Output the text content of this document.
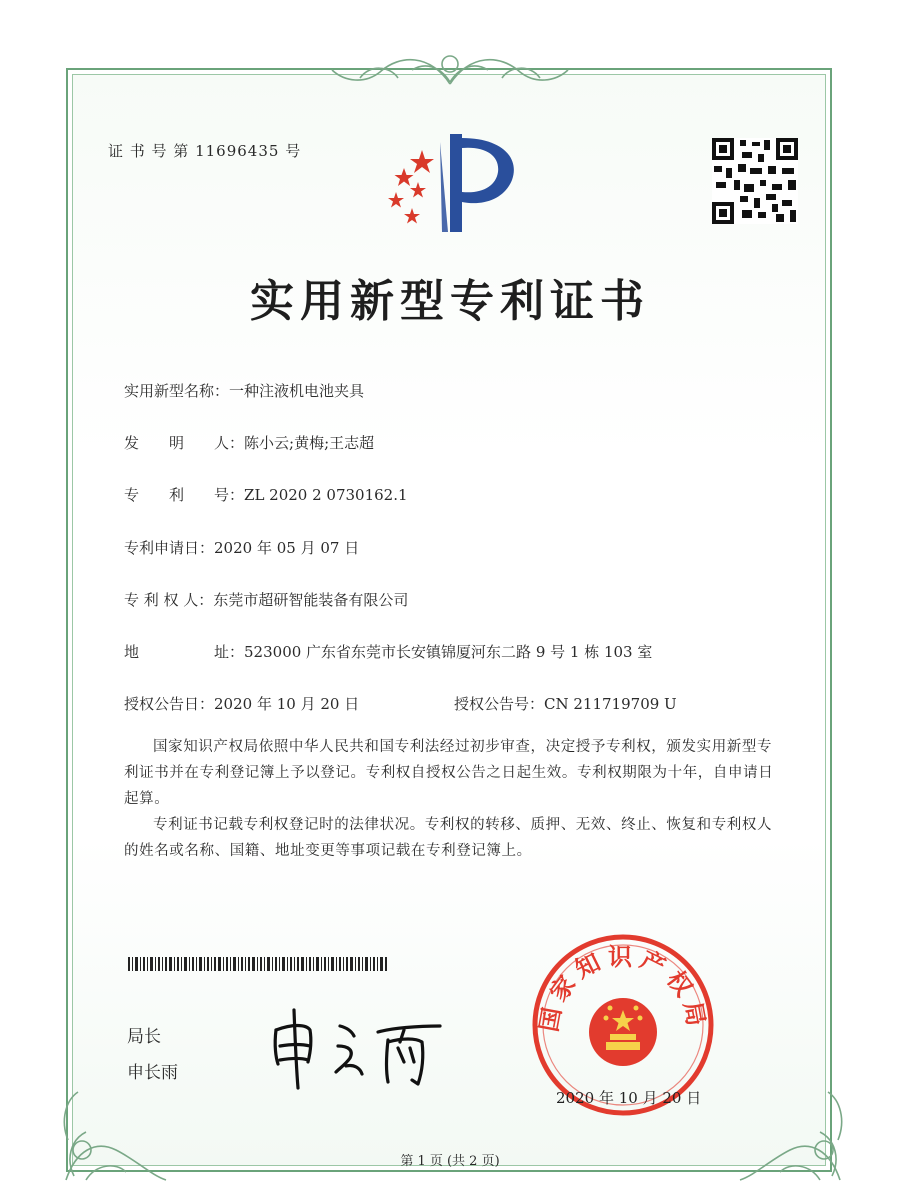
证 书 号 第 11696435 号
实用新型专利证书
实用新型名称：一种注液机电池夹具
发　　明　　人：陈小云;黄梅;王志超
专　　利　　号：ZL 2020 2 0730162.1
专利申请日：2020 年 05 月 07 日
专 利 权 人：东莞市超研智能装备有限公司
地　　　　　址：523000 广东省东莞市长安镇锦厦河东二路 9 号 1 栋 103 室
授权公告日：2020 年 10 月 20 日	授权公告号：CN 211719709 U
国家知识产权局依照中华人民共和国专利法经过初步审查，决定授予专利权，颁发实用新型专利证书并在专利登记簿上予以登记。专利权自授权公告之日起生效。专利权期限为十年，自申请日起算。
专利证书记载专利权登记时的法律状况。专利权的转移、质押、无效、终止、恢复和专利权人的姓名或名称、国籍、地址变更等事项记载在专利登记簿上。
局长
申长雨
国家知识产权局
2020 年 10 月 20 日
第 1 页 (共 2 页)
